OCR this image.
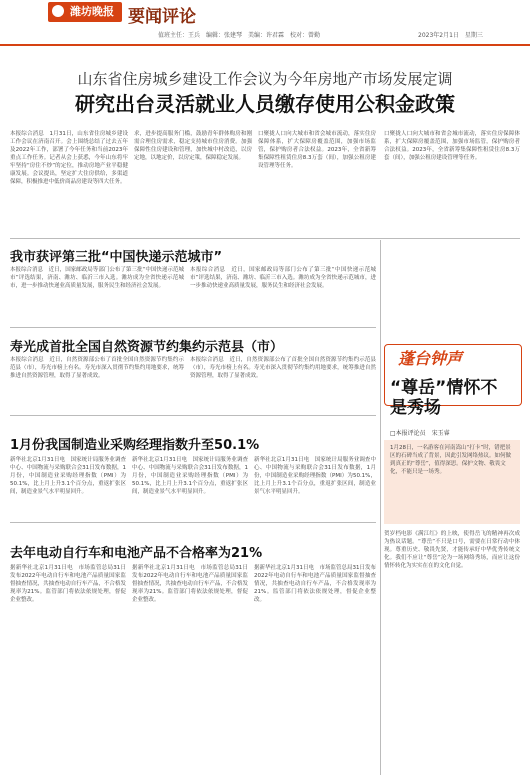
潍坊晚报 要闻评论
值班主任：王兵　编辑：张建琴　美编：许君霖　校对：曾勤	2023年2月1日　星期三
山东省住房城乡建设工作会议为今年房地产市场发展定调
研究出台灵活就业人员缴存使用公积金政策
本报综合消息　1月31日，山东省住房城乡建设工作会议在济南召开。会上围绕总结了过去五年及2022年工作，部署了今年任务和当前2023年重点工作任务。记者从会上获悉，今年山东将牢牢坚持“房住不炒”的定位，推动房地产业平稳健康发展。会议提出，坚定扩大住房供给，多渠道保障，积极推进中低价商品房建设等四大任务。
求，进步提高服务门槛，鼓励青年群体购房和刚需合理住房需求，稳定支持城市住房消费。加强保障性住房建设和管理，加快城中村改造，以房定地，以地定价，以房定策，保障稳定发展。
口聚拢人口向大城市和省会城市流动，落实住房保障体系，扩大保障房覆盖范围，加强市场监管，保护购房者合法权益。2023年，全省新筹集保障性租赁住房8.3万套（间），加强公租房建设管理等任务。
口聚拢人口向大城市和省会城市流动，落实住房保障体系，扩大保障房覆盖范围，加强市场监管，保护购房者合法权益。2023年，全省新筹集保障性租赁住房8.3万套（间），加强公租房建设管理等任务。
我市获评第三批“中国快递示范城市”
本报综合消息　近日，国家邮政局等部门公布了第三批“中国快递示范城市”评选结果，济南、潍坊、临沂三市入选。潍坊成为全省快递示范城市，进一步推动快递业高质量发展，服务民生和经济社会发展。
本报综合消息　近日，国家邮政局等部门公布了第三批“中国快递示范城市”评选结果，济南、潍坊、临沂三市入选。潍坊成为全省快递示范城市，进一步推动快递业高质量发展，服务民生和经济社会发展。
寿光成首批全国自然资源节约集约示范县（市）
本报综合消息　近日，自然资源部公布了首批全国自然资源节约集约示范县（市），寿光市榜上有名。寿光市深入贯彻节约集约用地要求，统筹推进自然资源管理，取得了显著成效。
本报综合消息　近日，自然资源部公布了首批全国自然资源节约集约示范县（市），寿光市榜上有名。寿光市深入贯彻节约集约用地要求，统筹推进自然资源管理，取得了显著成效。
1月份我国制造业采购经理指数升至50.1%
新华社北京1月31日电　国家统计局服务业调查中心、中国物流与采购联合会31日发布数据，1月份，中国制造业采购经理指数（PMI）为50.1%，比上月上升3.1个百分点，重返扩张区间，制造业景气水平明显回升。
新华社北京1月31日电　国家统计局服务业调查中心、中国物流与采购联合会31日发布数据，1月份，中国制造业采购经理指数（PMI）为50.1%，比上月上升3.1个百分点，重返扩张区间，制造业景气水平明显回升。
新华社北京1月31日电　国家统计局服务业调查中心、中国物流与采购联合会31日发布数据，1月份，中国制造业采购经理指数（PMI）为50.1%，比上月上升3.1个百分点，重返扩张区间，制造业景气水平明显回升。
去年电动自行车和电池产品不合格率为21%
据新华社北京1月31日电　市场监管总局31日发布2022年电动自行车和电池产品质量国家监督抽查情况，共抽查电动自行车产品，不合格发现率为21%。监管部门将依法依规处理，督促企业整改。
据新华社北京1月31日电　市场监管总局31日发布2022年电动自行车和电池产品质量国家监督抽查情况，共抽查电动自行车产品，不合格发现率为21%。监管部门将依法依规处理，督促企业整改。
据新华社北京1月31日电　市场监管总局31日发布2022年电动自行车和电池产品质量国家监督抽查情况，共抽查电动自行车产品，不合格发现率为21%。监管部门将依法依规处理，督促企业整改。
蓬台钟声
“尊岳”情怀不是秀场
□本报评论员　宋玉睿
1月28日，一名游客在河南嵩山“打卡”时，错把景区的石碑当成了背景，因此引发网络热议。如何做到真正的“尊岳”，值得深思。保护文物、敬畏文化，不能只是一场秀。
贺岁档电影《满江红》的上映，使得岳飞的精神再次成为热议话题。“尊岳”不只是口号，需要在日常行动中体现。尊重历史、敬畏先贤，才能传承好中华优秀传统文化。我们不应让“尊岳”沦为一场网络秀场，而应让这份情怀转化为实实在在的文化自觉。
